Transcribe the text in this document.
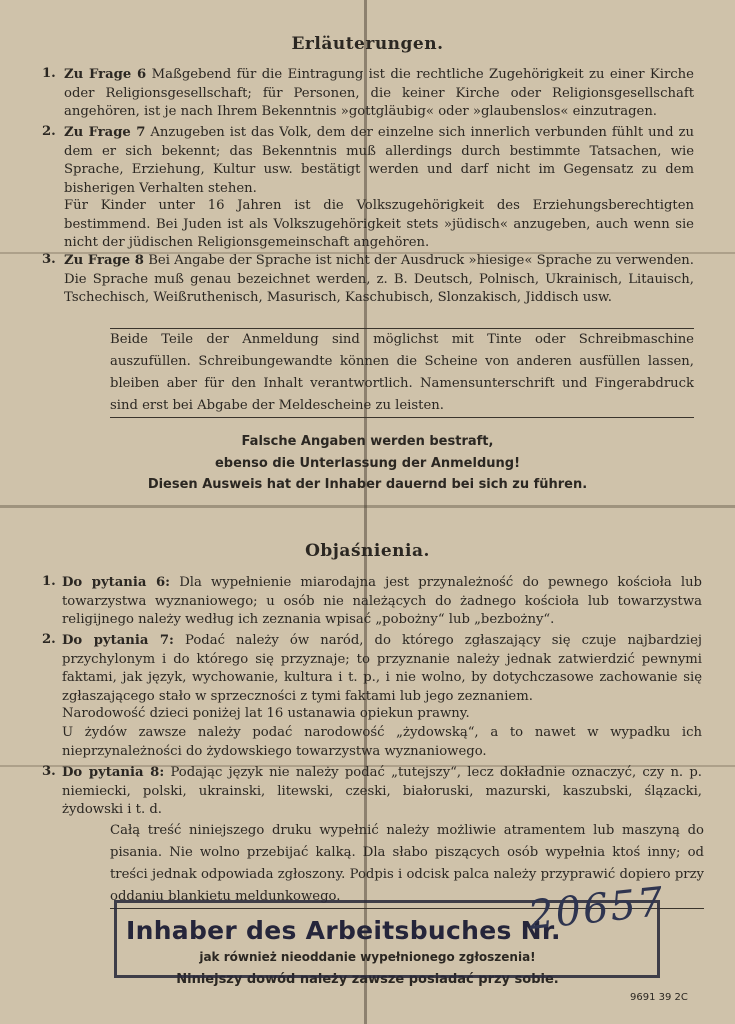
Erläuterungen.
1. Zu Frage 6 Maßgebend für die Eintragung ist die rechtliche Zugehörigkeit zu einer Kirche oder Religionsgesellschaft; für Personen, die keiner Kirche oder Religionsgesellschaft angehören, ist je nach Ihrem Bekenntnis »gottgläubig« oder »glaubenslos« einzutragen.
2. Zu Frage 7 Anzugeben ist das Volk, dem der einzelne sich innerlich verbunden fühlt und zu dem er sich bekennt; das Bekenntnis muß allerdings durch bestimmte Tatsachen, wie Sprache, Erziehung, Kultur usw. bestätigt werden und darf nicht im Gegensatz zu dem bisherigen Verhalten stehen.
Für Kinder unter 16 Jahren ist die Volkszugehörigkeit des Erziehungsberechtigten bestimmend. Bei Juden ist als Volkszugehörigkeit stets »jüdisch« anzugeben, auch wenn sie nicht der jüdischen Religionsgemeinschaft angehören.
3. Zu Frage 8 Bei Angabe der Sprache ist nicht der Ausdruck »hiesige« Sprache zu verwenden. Die Sprache muß genau bezeichnet werden, z. B. Deutsch, Polnisch, Ukrainisch, Litauisch, Tschechisch, Weißruthenisch, Masurisch, Kaschubisch, Slonzakisch, Jiddisch usw.
Beide Teile der Anmeldung sind möglichst mit Tinte oder Schreibmaschine auszufüllen. Schreibungewandte können die Scheine von anderen ausfüllen lassen, bleiben aber für den Inhalt verantwortlich. Namensunterschrift und Fingerabdruck sind erst bei Abgabe der Meldescheine zu leisten.
Falsche Angaben werden bestraft,
ebenso die Unterlassung der Anmeldung!
Diesen Ausweis hat der Inhaber dauernd bei sich zu führen.
Objaśnienia.
1. Do pytania 6: Dla wypełnienie miarodajna jest przynależność do pewnego kościoła lub towarzystwa wyznaniowego; u osób nie należących do żadnego kościoła lub towarzystwa religijnego należy według ich zeznania wpisać „pobożny“ lub „bezbożny“.
2. Do pytania 7: Podać należy ów naród, do którego zgłaszający się czuje najbardziej przychylonym i do którego się przyznaje; to przyznanie należy jednak zatwierdzić pewnymi faktami, jak język, wychowanie, kultura i t. p., i nie wolno, by dotychczasowe zachowanie się zgłaszającego stało w sprzeczności z tymi faktami lub jego zeznaniem.
Narodowość dzieci poniżej lat 16 ustanawia opiekun prawny.
U żydów zawsze należy podać narodowość „żydowską“, a to nawet w wypadku ich nieprzynależności do żydowskiego towarzystwa wyznaniowego.
3. Do pytania 8: Podając język nie należy podać „tutejszy“, lecz dokładnie oznaczyć, czy n. p. niemiecki, polski, ukrainski, litewski, czeski, białoruski, mazurski, kaszubski, ślązacki, żydowski i t. d.
Całą treść niniejszego druku wypełnić należy możliwie atramentem lub maszyną do pisania. Nie wolno przebijać kalką. Dla słabo piszących osób wypełnia ktoś inny; od treści jednak odpowiada zgłoszony. Podpis i odcisk palca należy przyprawić dopiero przy oddaniu blankietu meldunkowego.
jak również nieoddanie wypełnionego zgłoszenia!
Niniejszy dowód należy zawsze posiadać przy sobie.
Inhaber des Arbeitsbuches Nr.
20657
9691 39 2C
